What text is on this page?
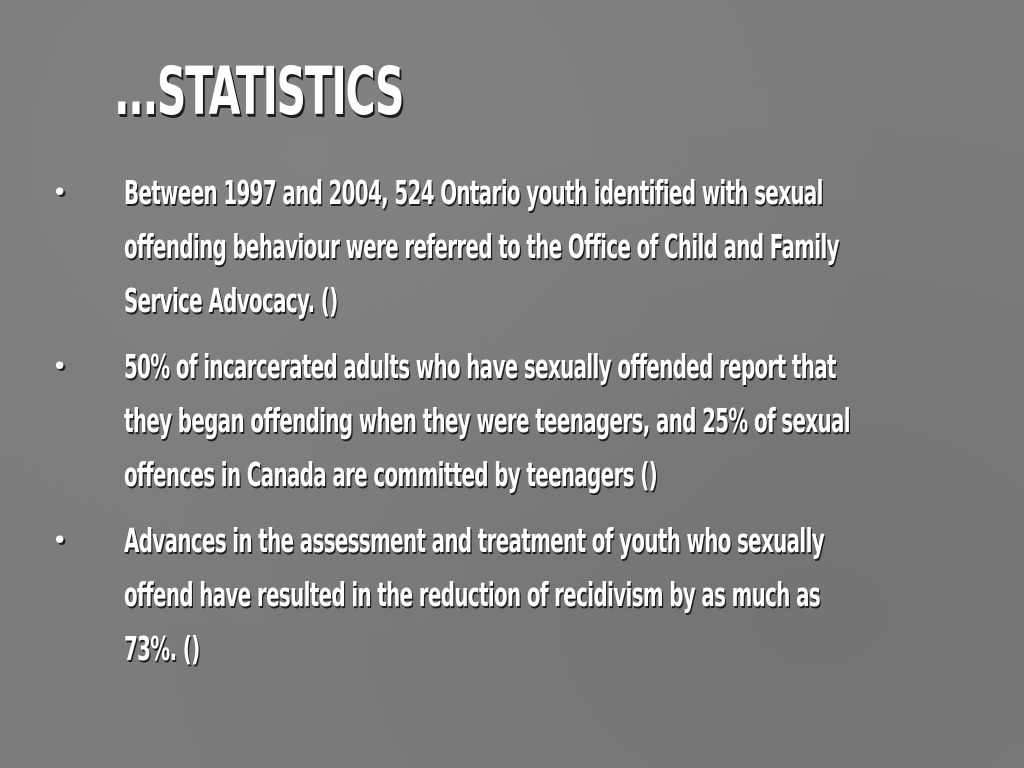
...STATISTICS
• Between 1997 and 2004, 524 Ontario youth identified with sexual offending behaviour were referred to the Office of Child and Family Service Advocacy. ()
• 50% of incarcerated adults who have sexually offended report that they began offending when they were teenagers, and 25% of sexual offences in Canada are committed by teenagers ()
• Advances in the assessment and treatment of youth who sexually offend have resulted in the reduction of recidivism by as much as 73%. ()
